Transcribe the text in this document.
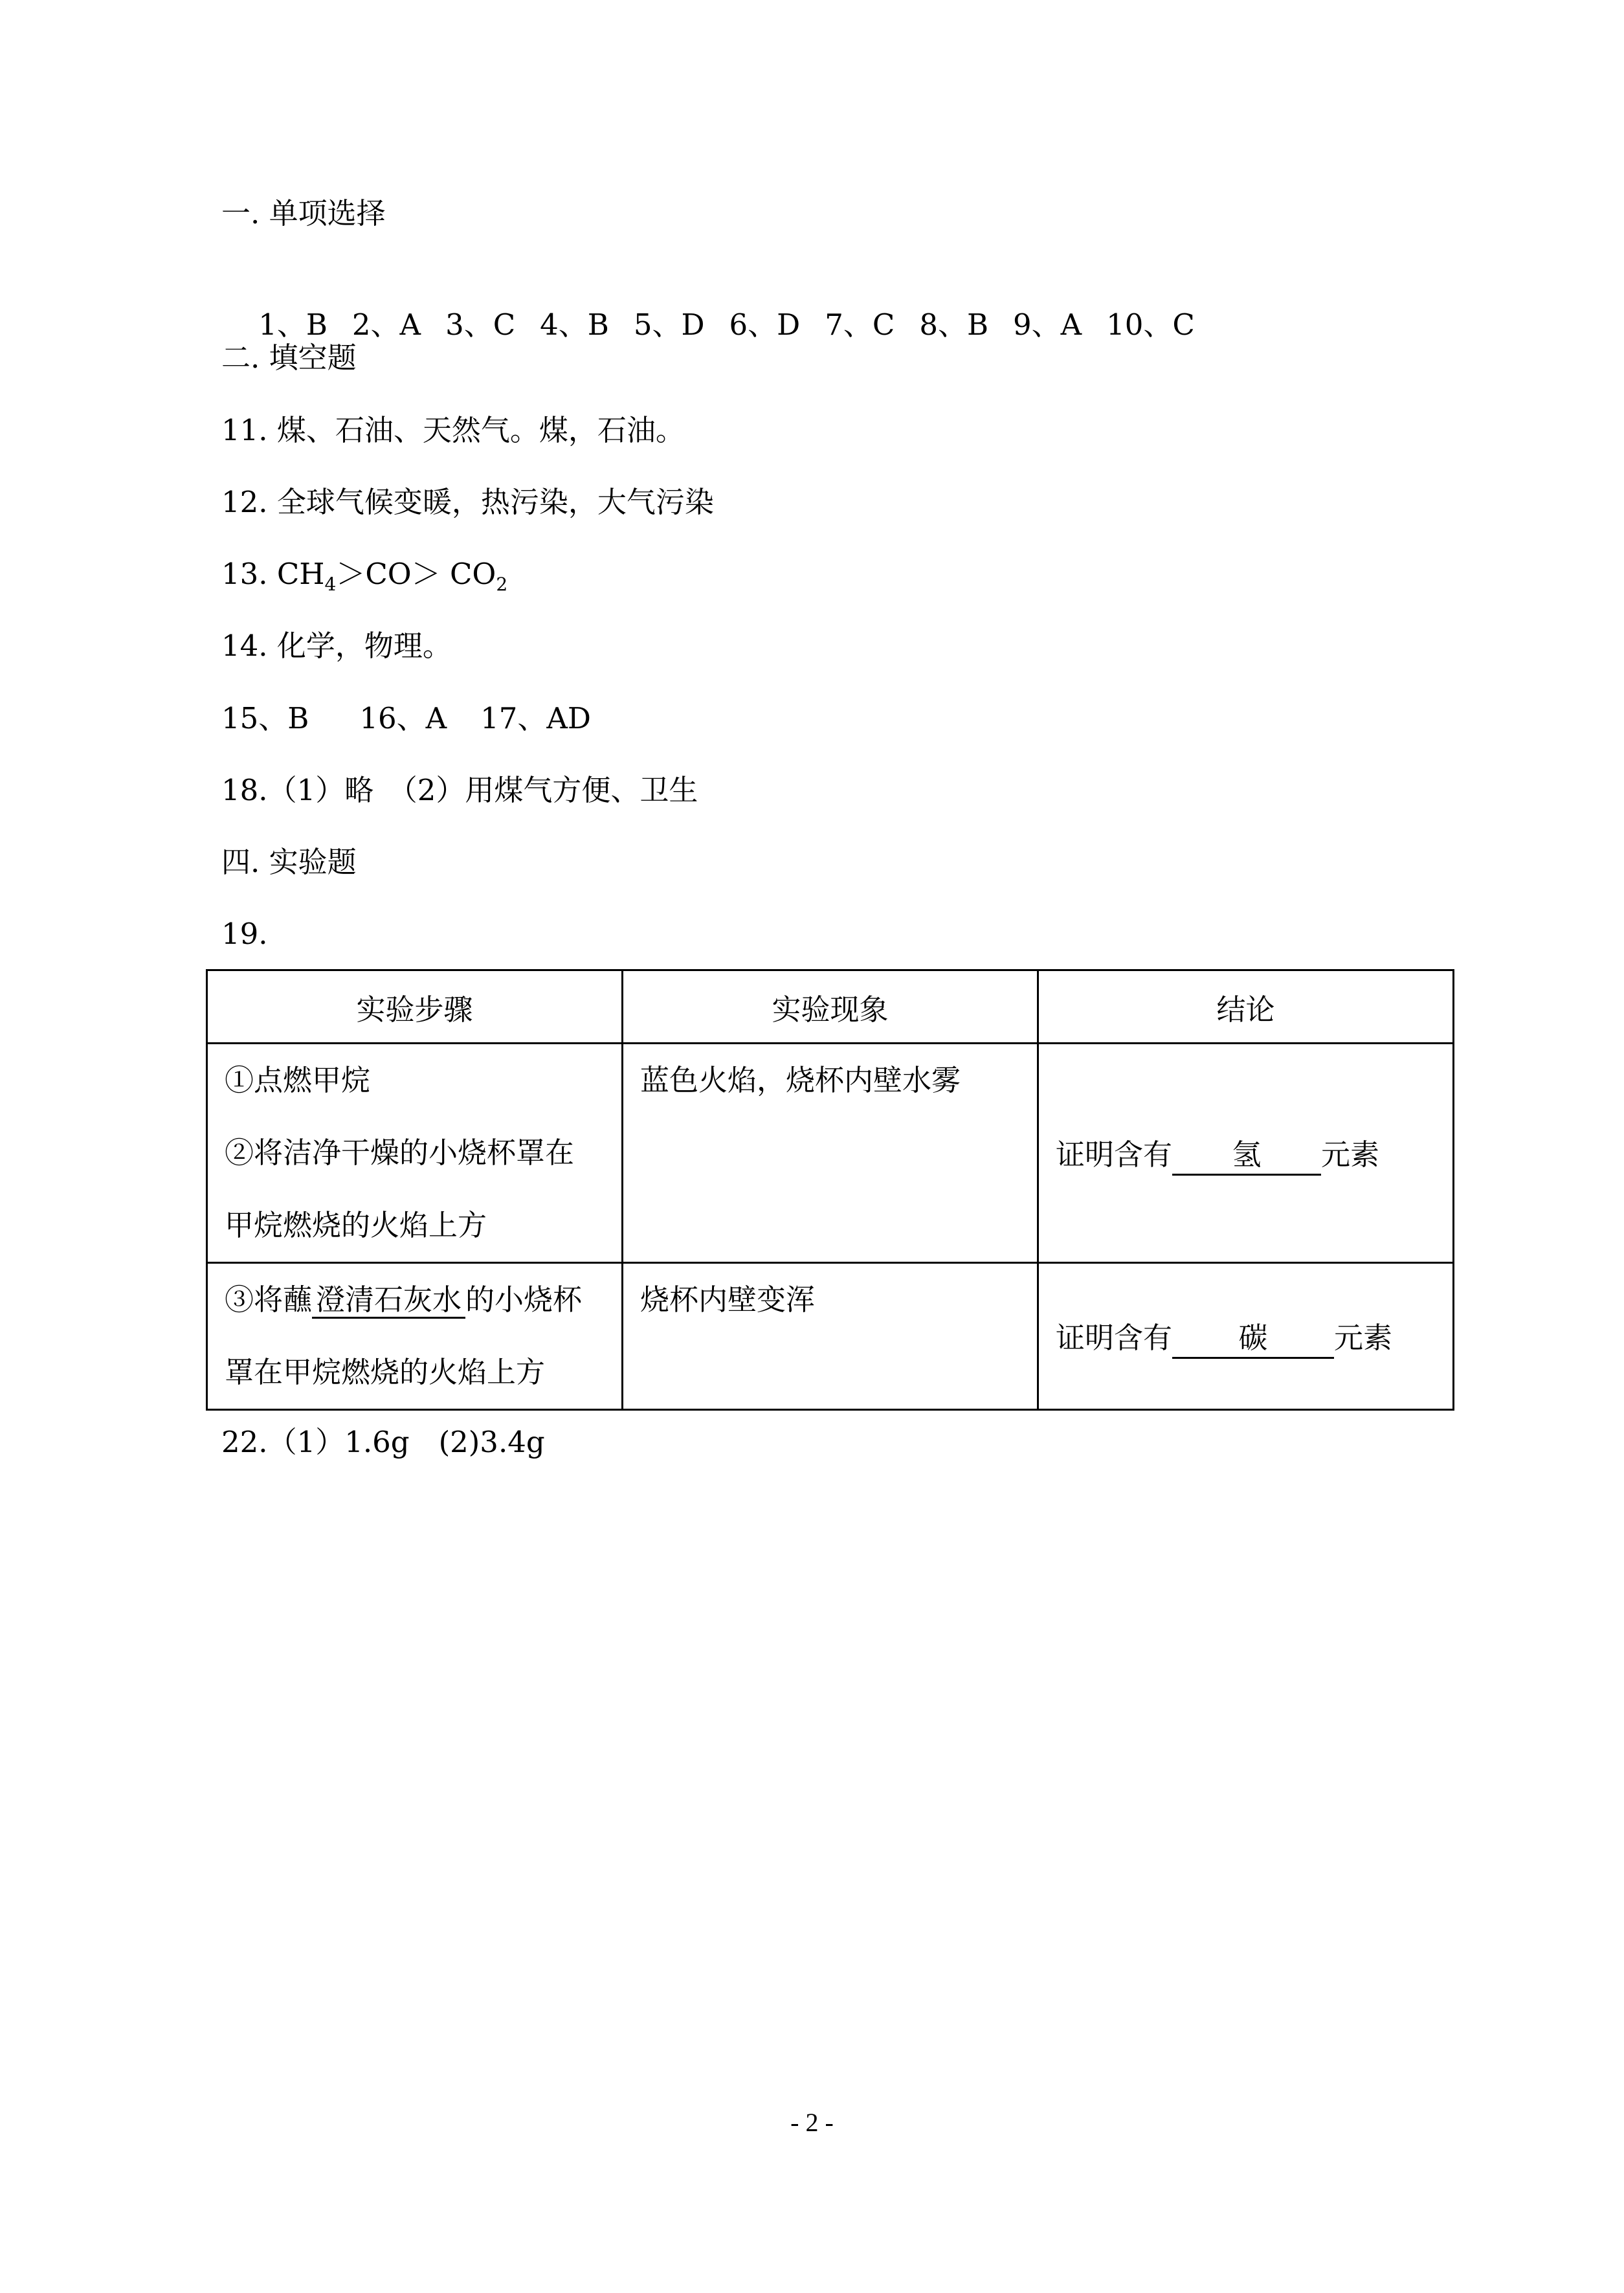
一. 单项选择

1、B 2、A 3、C 4、B 5、D 6、D 7、C 8、B 9、A 10、C

二. 填空题
11. 煤、石油、天然气。煤，石油。
12. 全球气候变暖，热污染，大气污染
13. $CH_4>CO> CO_2$
14. 化学，物理。
15、B 16、A 17、AD
18.（1）略　（2）用煤气方便、卫生
四. 实验题
19.
实验步骤	实验现象	结论

①点燃甲烷
②将洁净干燥的小烧杯罩在
甲烷燃烧的火焰上方	蓝色火焰，烧杯内壁水雾	证明含有 氢 元素

③将蘸 澄清石灰水 的小烧杯
罩在甲烷燃烧的火焰上方	烧杯内壁变浑	证明含有 碳 元素
22.（1）1.6g　(2)3.4g
- 2 -
